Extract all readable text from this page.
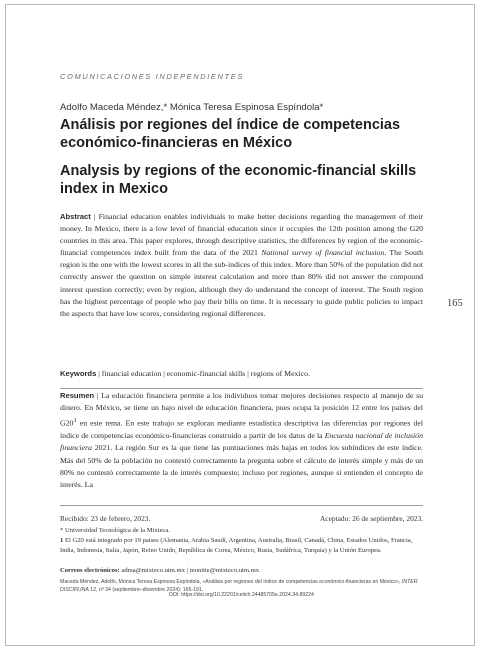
COMUNICACIONES INDEPENDIENTES
165
Adolfo Maceda Méndez,* Mónica Teresa Espinosa Espíndola*
Análisis por regiones del índice de competencias económico-financieras en México
Analysis by regions of the economic-financial skills index in Mexico

Abstract | Financial education enables individuals to make better decisions regarding the management of their money. In Mexico, there is a low level of financial education since it occupies the 12th position among the G20 countries in this area. This paper explores, through descriptive statistics, the differences by region of the economic-financial competences index built from the data of the 2021 National survey of financial inclusion. The South region is the one with the lowest scores in all the sub-indices of this index. More than 50% of the population did not correctly answer the question on simple interest calculation and more than 80% did not answer the compound interest question correctly; even by region, although they do understand the concept of interest. The South region has the highest percentage of people who pay their bills on time. It is necessary to guide public policies to impact the aspects that have low scores, considering regional differences.

Keywords | financial education | economic-financial skills | regions of Mexico.

Resumen | La educación financiera permite a los individuos tomar mejores decisiones respecto al manejo de su dinero. En México, se tiene un bajo nivel de educación financiera, pues ocupa la posición 12 entre los países del $G20^1$ en este tema. En este trabajo se exploran mediante estadística descriptiva las diferencias por regiones del índice de competencias económico-financieras construido a partir de los datos de la Encuesta nacional de inclusión financiera 2021. La región Sur es la que tiene las puntuaciones más bajas en todos los subíndices de este índice. Más del 50% de la población no contestó correctamente la pregunta sobre el cálculo de interés simple y más de un 80% no contestó correctamente la de interés compuesto; incluso por regiones, aunque sí entienden el concepto de interés. La

Recibido: 23 de febrero, 2023.	Aceptado: 26 de septiembre, 2023.

* Universidad Tecnológica de la Mixteca.

1 El G20 está integrado por 19 países (Alemania, Arabia Saudí, Argentina, Australia, Brasil, Canadá, China, Estados Unidos, Francia, India, Indonesia, Italia, Japón, Reino Unido, República de Corea, México, Rusia, Sudáfrica, Turquía) y la Unión Europea.

Correos electrónicos: adma@mixteco.utm.mx | monitte@mixteco.utm.mx

Maceda Méndez, Adolfo, Mónica Teresa Espinosa Espíndola, «Análisis por regiones del índice de competencias económico-financieras en México», INTER DISCIPLINA 12, nº 34 (septiembre–diciembre 2024): 165-191.

DOI: https://doi.org/10.22201/ceiich.24485705e.2024.34.89224
